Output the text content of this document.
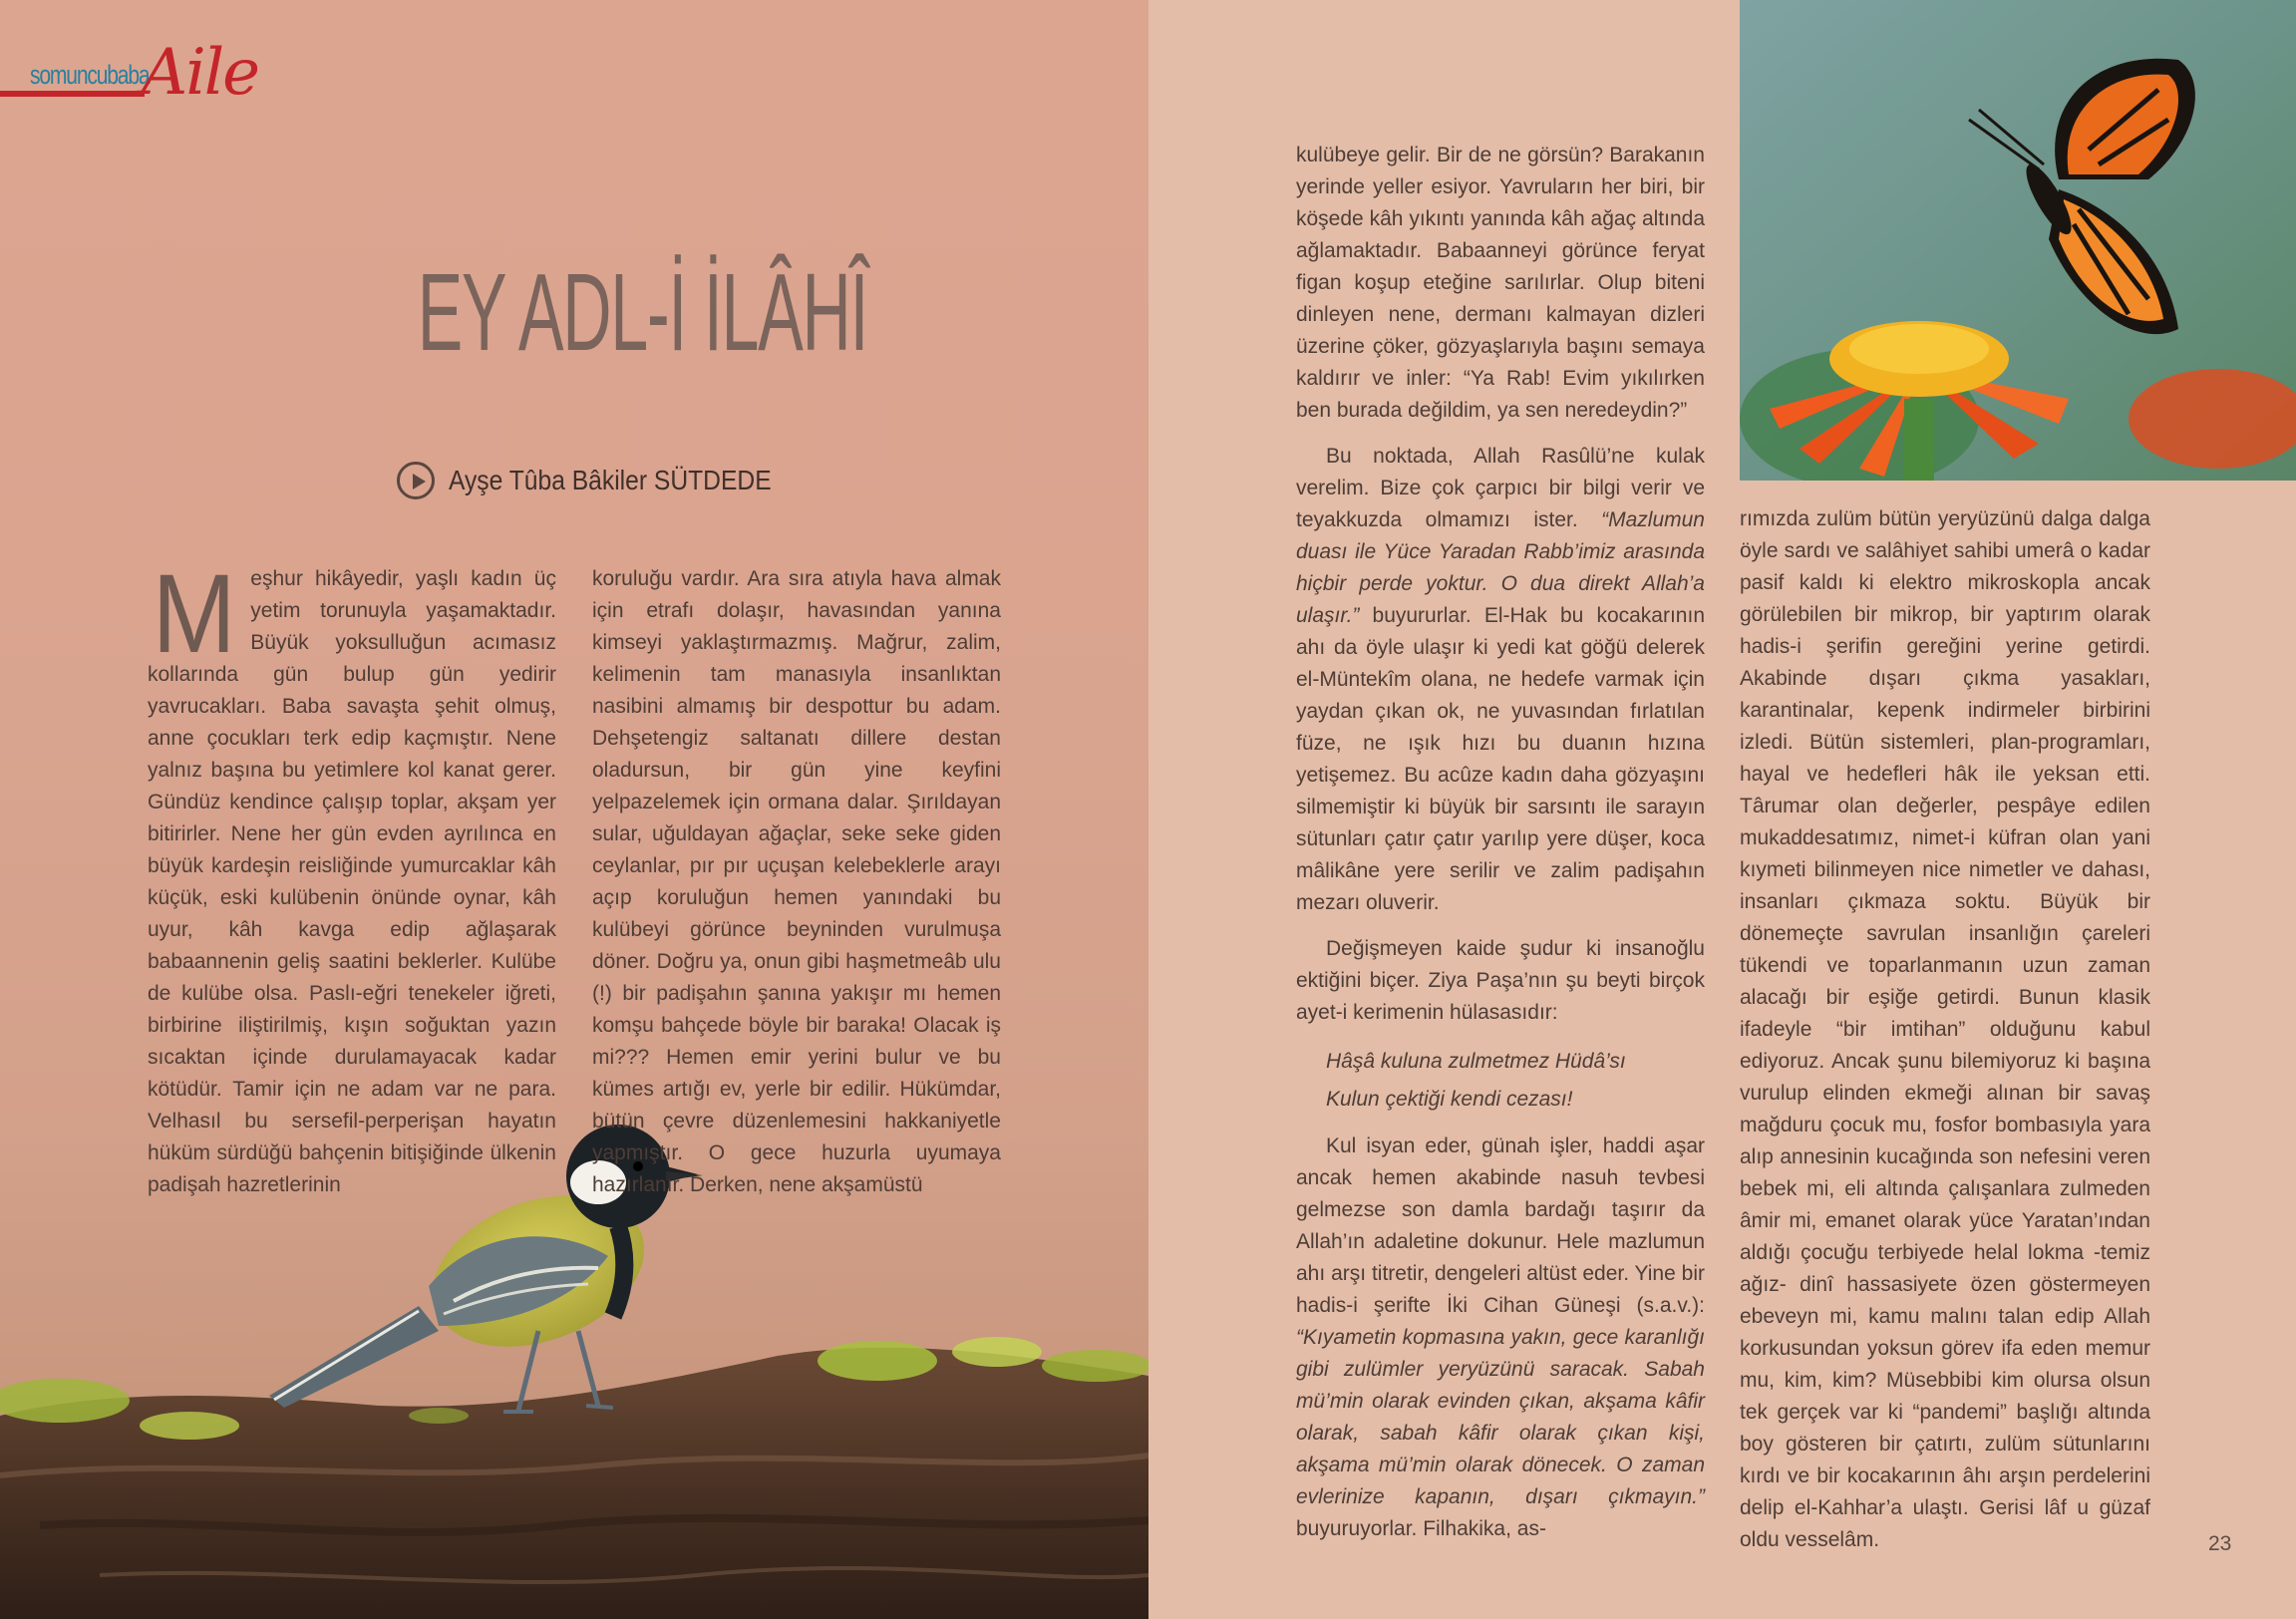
somuncubaba
Aile
EY ADL-İ İLÂHÎ
Ayşe Tûba Bâkiler SÜTDEDE

Meşhur hikâyedir, yaşlı kadın üç yetim torunuyla yaşamaktadır. Büyük yoksulluğun acımasız kollarında gün bulup gün yedirir yavrucakları. Baba savaşta şehit olmuş, anne çocukları terk edip kaçmıştır. Nene yalnız başına bu yetimlere kol kanat gerer. Gündüz kendince çalışıp toplar, akşam yer bitirirler. Nene her gün evden ayrılınca en büyük kardeşin reisliğinde yumurcaklar kâh küçük, eski kulübenin önünde oynar, kâh uyur, kâh kavga edip ağlaşarak babaannenin geliş saatini beklerler. Kulübe de kulübe olsa. Paslı-eğri tenekeler iğreti, birbirine iliştirilmiş, kışın soğuktan yazın sıcaktan içinde durulamayacak kadar kötüdür. Tamir için ne adam var ne para. Velhasıl bu sersefil-perperişan hayatın hüküm sürdüğü bahçenin bitişiğinde ülkenin padişah hazretlerinin

koruluğu vardır. Ara sıra atıyla hava almak için etrafı dolaşır, havasından yanına kimseyi yaklaştırmazmış. Mağrur, zalim, kelimenin tam manasıyla insanlıktan nasibini almamış bir despottur bu adam. Dehşetengiz saltanatı dillere destan oladursun, bir gün yine keyfini yelpazelemek için ormana dalar. Şırıldayan sular, uğuldayan ağaçlar, seke seke giden ceylanlar, pır pır uçuşan kelebeklerle arayı açıp koruluğun hemen yanındaki bu kulübeyi görünce beyninden vurulmuşa döner. Doğru ya, onun gibi haşmetmeâb ulu (!) bir padişahın şanına yakışır mı hemen komşu bahçede böyle bir baraka! Olacak iş mi??? Hemen emir yerini bulur ve bu kümes artığı ev, yerle bir edilir. Hükümdar, bütün çevre düzenlemesini hakkaniyetle yapmıştır. O gece huzurla uyumaya hazırlanır. Derken, nene akşamüstü

kulübeye gelir. Bir de ne görsün? Barakanın yerinde yeller esiyor. Yavruların her biri, bir köşede kâh yıkıntı yanında kâh ağaç altında ağlamaktadır. Babaanneyi görünce feryat figan koşup eteğine sarılırlar. Olup biteni dinleyen nene, dermanı kalmayan dizleri üzerine çöker, gözyaşlarıyla başını semaya kaldırır ve inler: “Ya Rab! Evim yıkılırken ben burada değildim, ya sen neredeydin?”

Bu noktada, Allah Rasûlü’ne kulak verelim. Bize çok çarpıcı bir bilgi verir ve teyakkuzda olmamızı ister. “Mazlumun duası ile Yüce Yaradan Rabb’imiz arasında hiçbir perde yoktur. O dua direkt Allah’a ulaşır.” buyururlar. El-Hak bu kocakarının ahı da öyle ulaşır ki yedi kat göğü delerek el-Müntekîm olana, ne hedefe varmak için yaydan çıkan ok, ne yuvasından fırlatılan füze, ne ışık hızı bu duanın hızına yetişemez. Bu acûze kadın daha gözyaşını silmemiştir ki büyük bir sarsıntı ile sarayın sütunları çatır çatır yarılıp yere düşer, koca mâlikâne yere serilir ve zalim padişahın mezarı oluverir.

Değişmeyen kaide şudur ki insanoğlu ektiğini biçer. Ziya Paşa’nın şu beyti birçok ayet-i kerimenin hülasasıdır:

Hâşâ kuluna zulmetmez Hüdâ’sı
Kulun çektiği kendi cezası!

Kul isyan eder, günah işler, haddi aşar ancak hemen akabinde nasuh tevbesi gelmezse son damla bardağı taşırır da Allah’ın adaletine dokunur. Hele mazlumun ahı arşı titretir, dengeleri altüst eder. Yine bir hadis-i şerifte İki Cihan Güneşi (s.a.v.): “Kıyametin kopmasına yakın, gece karanlığı gibi zulümler yeryüzünü saracak. Sabah mü’min olarak evinden çıkan, akşama kâfir olarak, sabah kâfir olarak çıkan kişi, akşama mü’min olarak dönecek. O zaman evlerinize kapanın, dışarı çıkmayın.” buyuruyorlar. Filhakika, as-

rımızda zulüm bütün yeryüzünü dalga dalga öyle sardı ve salâhiyet sahibi umerâ o kadar pasif kaldı ki elektro mikroskopla ancak görülebilen bir mikrop, bir yaptırım olarak hadis-i şerifin gereğini yerine getirdi. Akabinde dışarı çıkma yasakları, karantinalar, kepenk indirmeler birbirini izledi. Bütün sistemleri, plan-programları, hayal ve hedefleri hâk ile yeksan etti. Târumar olan değerler, pespâye edilen mukaddesatımız, nimet-i küfran olan yani kıymeti bilinmeyen nice nimetler ve dahası, insanları çıkmaza soktu. Büyük bir dönemeçte savrulan insanlığın çareleri tükendi ve toparlanmanın uzun zaman alacağı bir eşiğe getirdi. Bunun klasik ifadeyle “bir imtihan” olduğunu kabul ediyoruz. Ancak şunu bilemiyoruz ki başına vurulup elinden ekmeği alınan bir savaş mağduru çocuk mu, fosfor bombasıyla yara alıp annesinin kucağında son nefesini veren bebek mi, eli altında çalışanlara zulmeden âmir mi, emanet olarak yüce Yaratan’ından aldığı çocuğu terbiyede helal lokma -temiz ağız- dinî hassasiyete özen göstermeyen ebeveyn mi, kamu malını talan edip Allah korkusundan yoksun görev ifa eden memur mu, kim, kim? Müsebbibi kim olursa olsun tek gerçek var ki “pandemi” başlığı altında boy gösteren bir çatırtı, zulüm sütunlarını kırdı ve bir kocakarının âhı arşın perdelerini delip el-Kahhar’a ulaştı. Gerisi lâf u güzaf oldu vesselâm.	23
